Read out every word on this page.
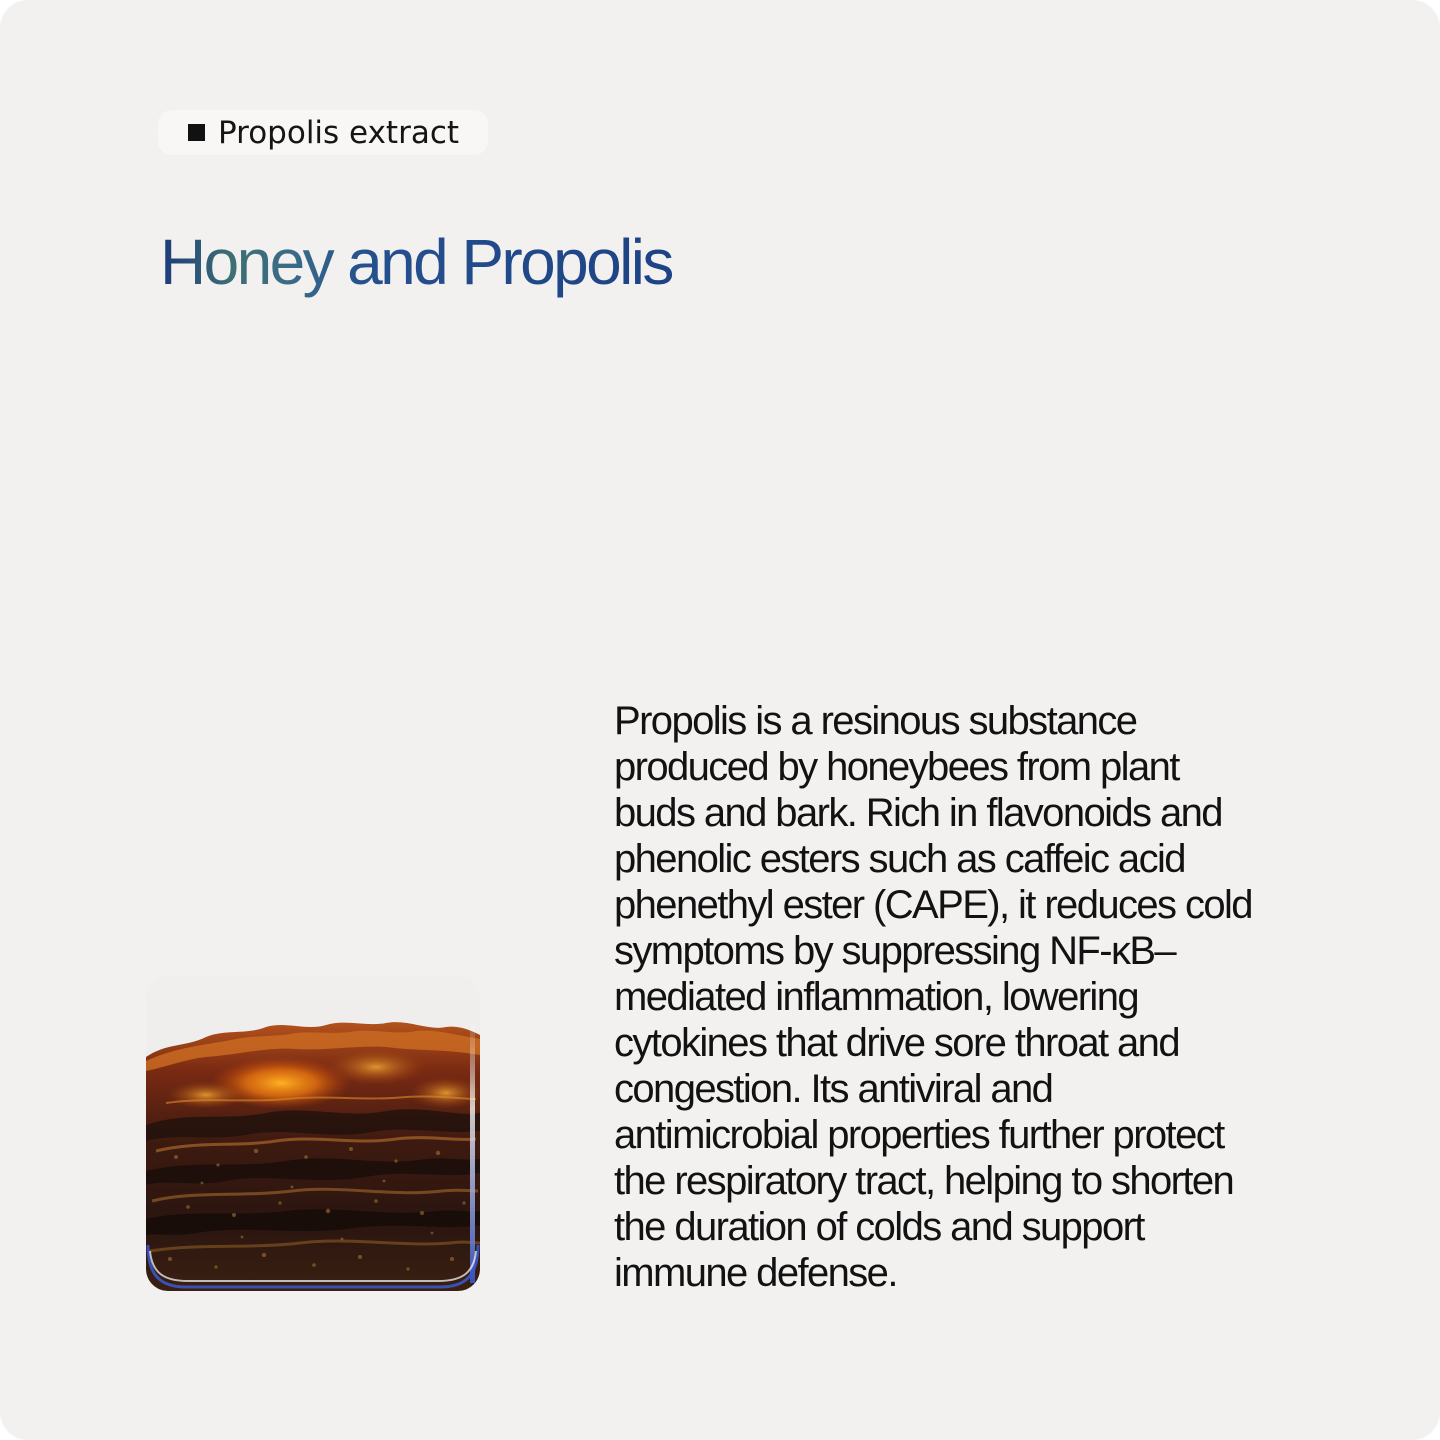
Propolis extract
Honey and Propolis

Propolis is a resinous substance
produced by honeybees from plant
buds and bark. Rich in flavonoids and
phenolic esters such as caffeic acid
phenethyl ester (CAPE), it reduces cold
symptoms by suppressing NF-κB–
mediated inflammation, lowering
cytokines that drive sore throat and
congestion. Its antiviral and
antimicrobial properties further protect
the respiratory tract, helping to shorten
the duration of colds and support
immune defense.
